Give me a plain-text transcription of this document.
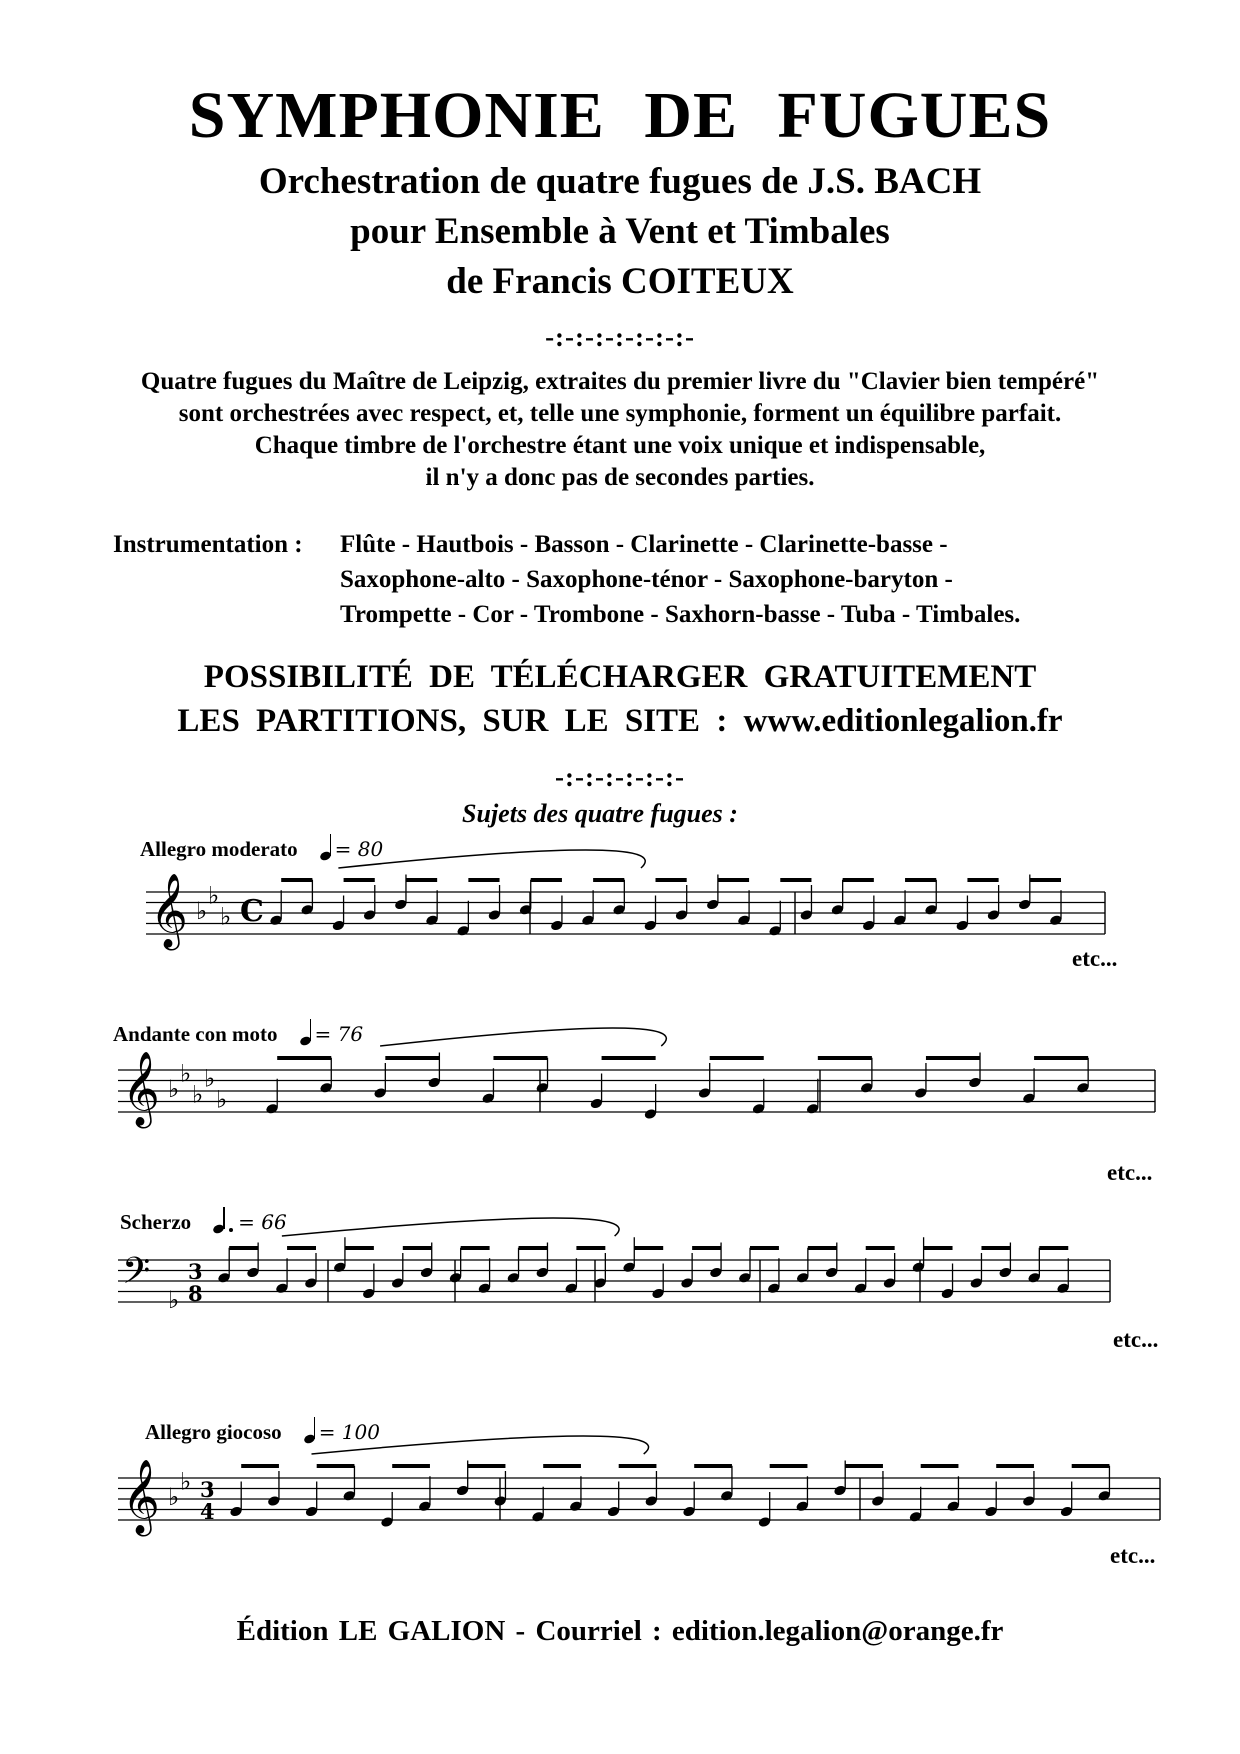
SYMPHONIE DE FUGUES
Orchestration de quatre fugues de J.S. BACH
pour Ensemble à Vent et Timbales
de Francis COITEUX
-:-:-:-:-:-:-:-
Quatre fugues du Maître de Leipzig, extraites du premier livre du "Clavier bien tempéré"
sont orchestrées avec respect, et, telle une symphonie, forment un équilibre parfait.
Chaque timbre de l'orchestre étant une voix unique et indispensable,
il n'y a donc pas de secondes parties.
Instrumentation : Flûte - Hautbois - Basson - Clarinette - Clarinette-basse -
Saxophone-alto - Saxophone-ténor - Saxophone-baryton -
Trompette - Cor - Trombone - Saxhorn-basse - Tuba - Timbales.
POSSIBILITÉ DE TÉLÉCHARGER GRATUITEMENT
LES PARTITIONS, SUR LE SITE : www.editionlegalion.fr
-:-:-:-:-:-:-
Sujets des quatre fugues :
Allegro moderato = 80
Andante con moto = 76
Scherzo = 66
Allegro giocoso = 100
etc...
etc...
etc...
etc...
𝄞 ♭
♭
♭ C
𝄞 ♭
♭
♭
♭
♭
𝄢 ♭
3
8
𝄞 ♭
♭ 3
4
Édition LE GALION - Courriel : edition.legalion@orange.fr
